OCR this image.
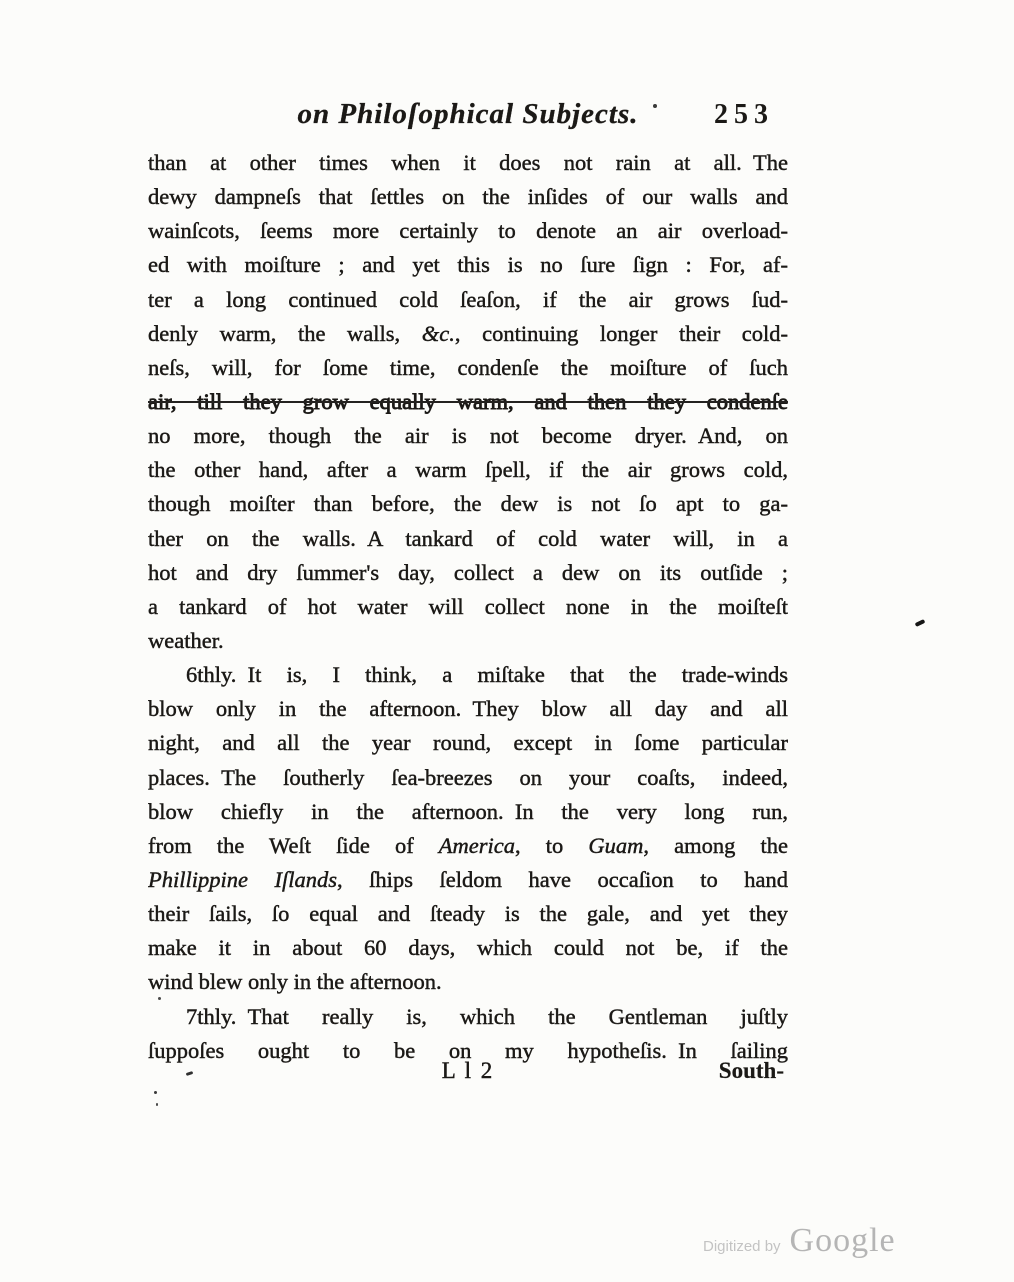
on Philoſophical Subjects.	253
than at other times when it does not rain at all. The
dewy dampneſs that ſettles on the inſides of our walls and
wainſcots, ſeems more certainly to denote an air overload-
ed with moiſture ; and yet this is no ſure ſign : For, af-
ter a long continued cold ſeaſon, if the air grows ſud-
denly warm, the walls, &c., continuing longer their cold-
neſs, will, for ſome time, condenſe the moiſture of ſuch
air, till they grow equally warm, and then they condenſe
no more, though the air is not become dryer. And, on
the other hand, after a warm ſpell, if the air grows cold,
though moiſter than before, the dew is not ſo apt to ga-
ther on the walls. A tankard of cold water will, in a
hot and dry ſummer's day, collect a dew on its outſide ;
a tankard of hot water will collect none in the moiſteſt
weather.
6thly. It is, I think, a miſtake that the trade-winds
blow only in the afternoon. They blow all day and all
night, and all the year round, except in ſome particular
places. The ſoutherly ſea-breezes on your coaſts, indeed,
blow chiefly in the afternoon. In the very long run,
from the Weſt ſide of America, to Guam, among the
Phillippine Iſlands, ſhips ſeldom have occaſion to hand
their ſails, ſo equal and ſteady is the gale, and yet they
make it in about 60 days, which could not be, if the
wind blew only in the afternoon.
7thly. That really is, which the Gentleman juſtly
ſuppoſes ought to be on my hypotheſis. In ſailing
L l 2	South-
Digitized by Google
